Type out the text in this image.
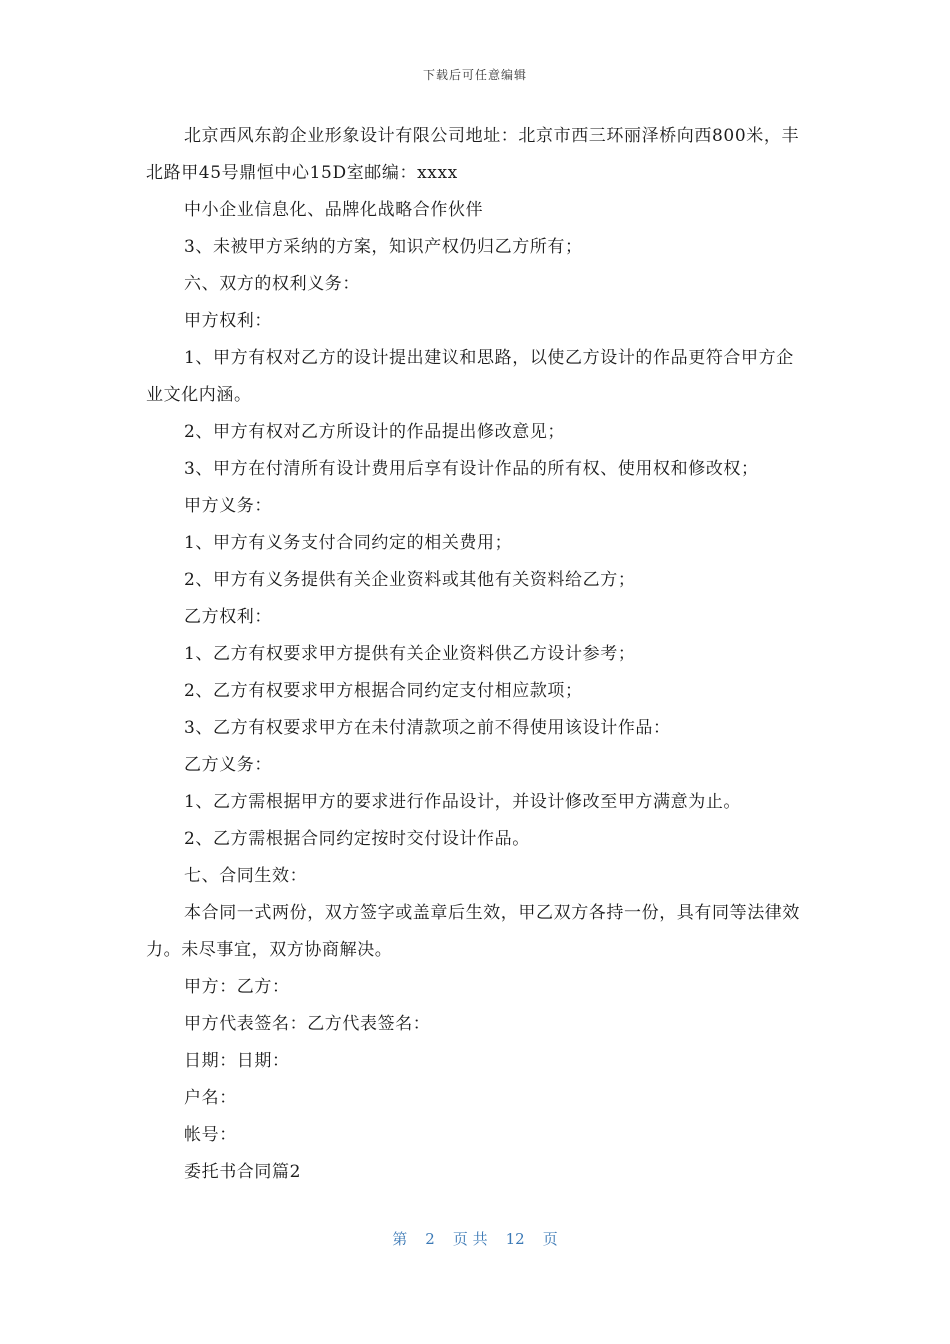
下载后可任意编辑

北京西风东韵企业形象设计有限公司地址：北京市西三环丽泽桥向西800米，丰北路甲45号鼎恒中心15D室邮编：xxxx

中小企业信息化、品牌化战略合作伙伴

3、未被甲方采纳的方案，知识产权仍归乙方所有；

六、双方的权利义务：

甲方权利：

1、甲方有权对乙方的设计提出建议和思路，以使乙方设计的作品更符合甲方企业文化内涵。

2、甲方有权对乙方所设计的作品提出修改意见；

3、甲方在付清所有设计费用后享有设计作品的所有权、使用权和修改权；

甲方义务：

1、甲方有义务支付合同约定的相关费用；

2、甲方有义务提供有关企业资料或其他有关资料给乙方；

乙方权利：

1、乙方有权要求甲方提供有关企业资料供乙方设计参考；

2、乙方有权要求甲方根据合同约定支付相应款项；

3、乙方有权要求甲方在未付清款项之前不得使用该设计作品：

乙方义务：

1、乙方需根据甲方的要求进行作品设计，并设计修改至甲方满意为止。

2、乙方需根据合同约定按时交付设计作品。

七、合同生效：

本合同一式两份，双方签字或盖章后生效，甲乙双方各持一份，具有同等法律效力。未尽事宜，双方协商解决。

甲方：乙方：

甲方代表签名：乙方代表签名：

日期：日期：

户名：

帐号：

委托书合同篇2

第 2 页 共 12 页
